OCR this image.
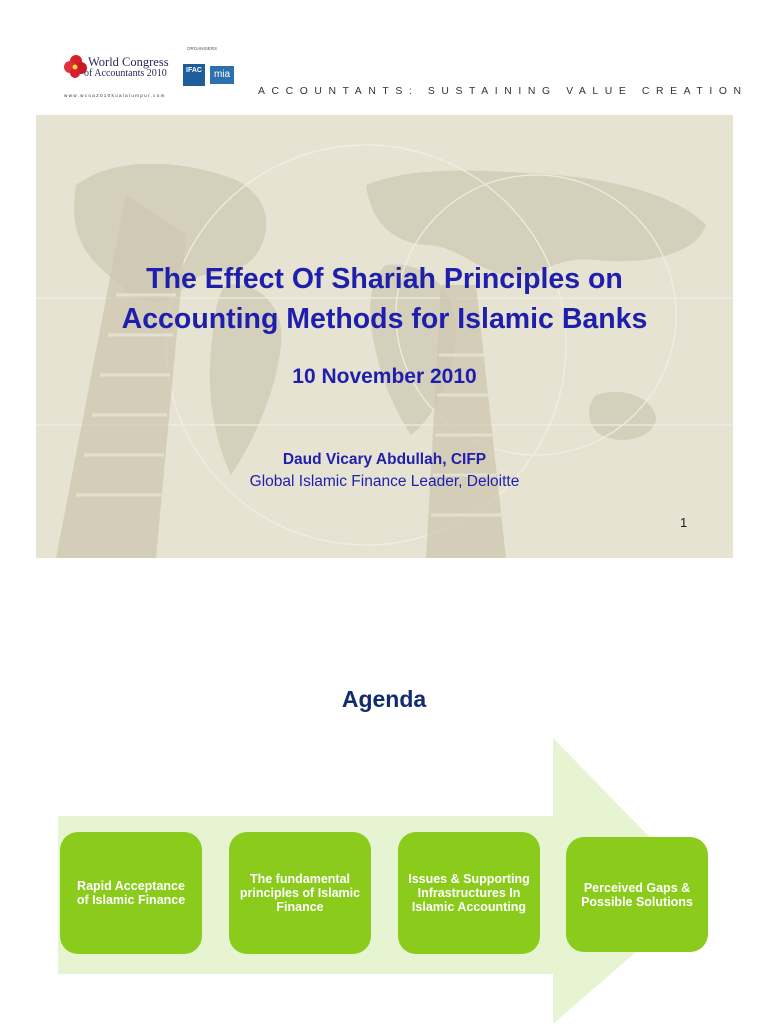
World Congress
of Accountants 2010
www.wcoa2010kualalumpur.com
ORGANISERS
IFAC	mia
ACCOUNTANTS: SUSTAINING VALUE CREATION
The Effect Of Shariah Principles on
Accounting Methods for Islamic Banks
10 November 2010
Daud Vicary Abdullah, CIFP
Global Islamic Finance Leader, Deloitte
1
Agenda
Rapid Acceptance of Islamic Finance
The fundamental principles of Islamic Finance
Issues & Supporting Infrastructures In Islamic Accounting
Perceived Gaps & Possible Solutions
